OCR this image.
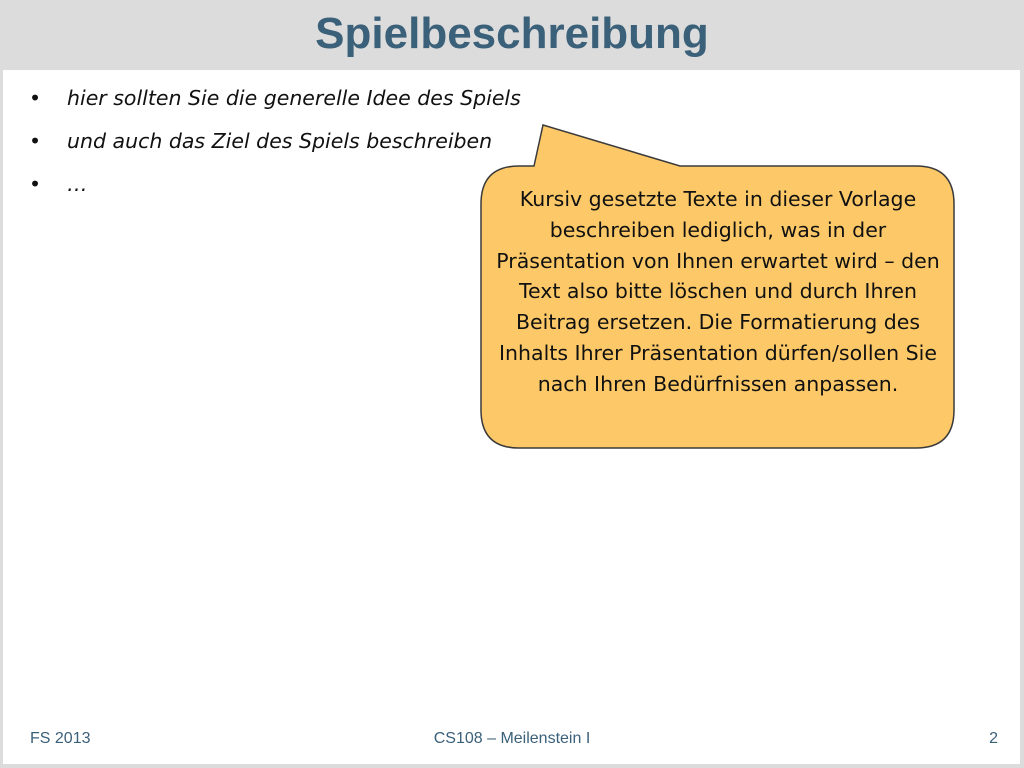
Spielbeschreibung
•	hier sollten Sie die generelle Idee des Spiels
•	und auch das Ziel des Spiels beschreiben
•	…
Kursiv gesetzte Texte in dieser Vorlage beschreiben lediglich, was in der Präsentation von Ihnen erwartet wird – den Text also bitte löschen und durch Ihren Beitrag ersetzen. Die Formatierung des Inhalts Ihrer Präsentation dürfen/sollen Sie nach Ihren Bedürfnissen anpassen.
FS 2013	CS108 – Meilenstein I	2
